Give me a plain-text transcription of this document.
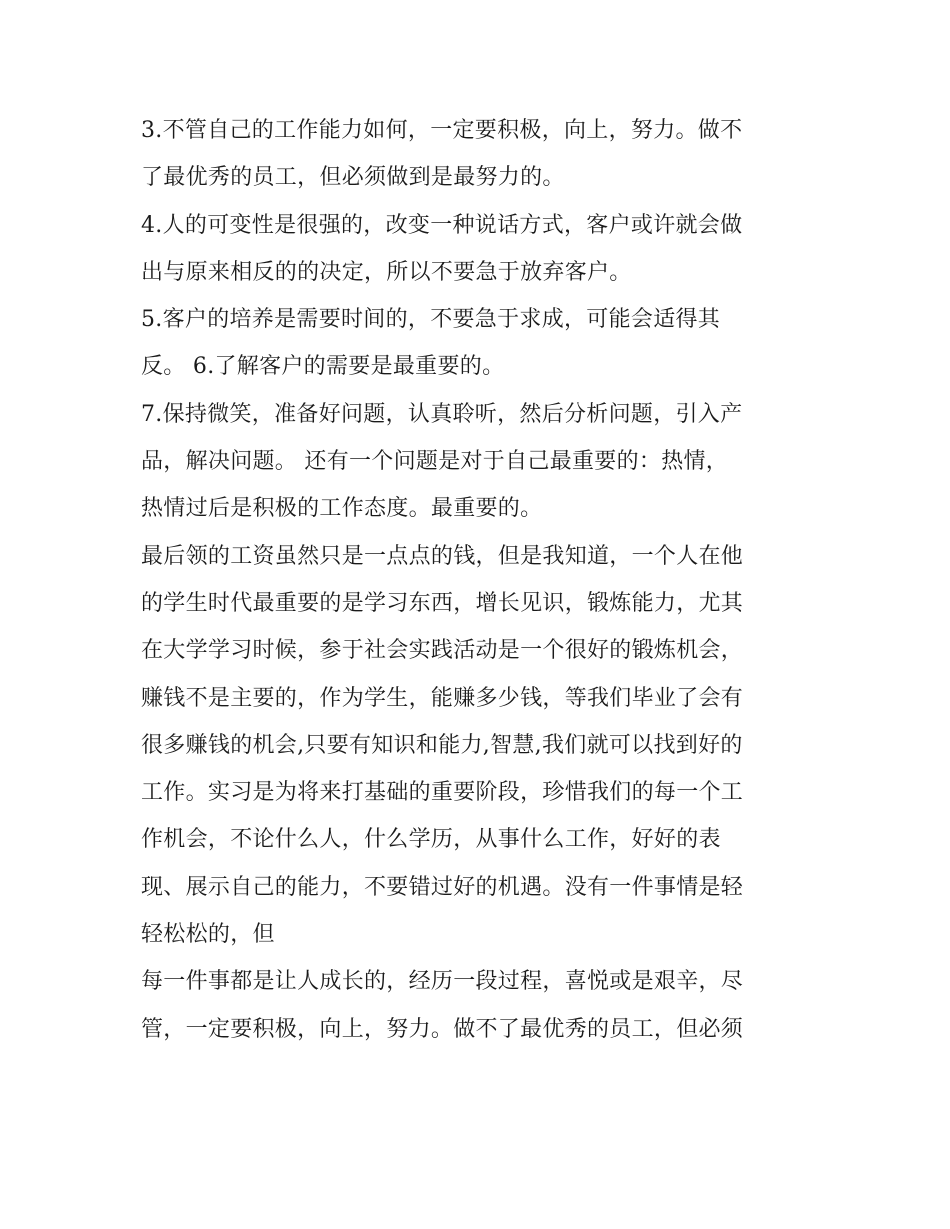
3.不管自己的工作能力如何，一定要积极，向上，努力。做不
了最优秀的员工，但必须做到是最努力的。
4.人的可变性是很强的，改变一种说话方式，客户或许就会做
出与原来相反的的决定，所以不要急于放弃客户。
5.客户的培养是需要时间的，不要急于求成，可能会适得其
反。 6.了解客户的需要是最重要的。
7.保持微笑，准备好问题，认真聆听，然后分析问题，引入产
品，解决问题。 还有一个问题是对于自己最重要的：热情，
热情过后是积极的工作态度。最重要的。
最后领的工资虽然只是一点点的钱，但是我知道，一个人在他
的学生时代最重要的是学习东西，增长见识，锻炼能力，尤其
在大学学习时候，参于社会实践活动是一个很好的锻炼机会，
赚钱不是主要的，作为学生，能赚多少钱，等我们毕业了会有
很多赚钱的机会,只要有知识和能力,智慧,我们就可以找到好的
工作。实习是为将来打基础的重要阶段，珍惜我们的每一个工
作机会，不论什么人，什么学历，从事什么工作，好好的表
现、展示自己的能力，不要错过好的机遇。没有一件事情是轻
轻松松的，但
每一件事都是让人成长的，经历一段过程，喜悦或是艰辛，尽
管，一定要积极，向上，努力。做不了最优秀的员工，但必须
